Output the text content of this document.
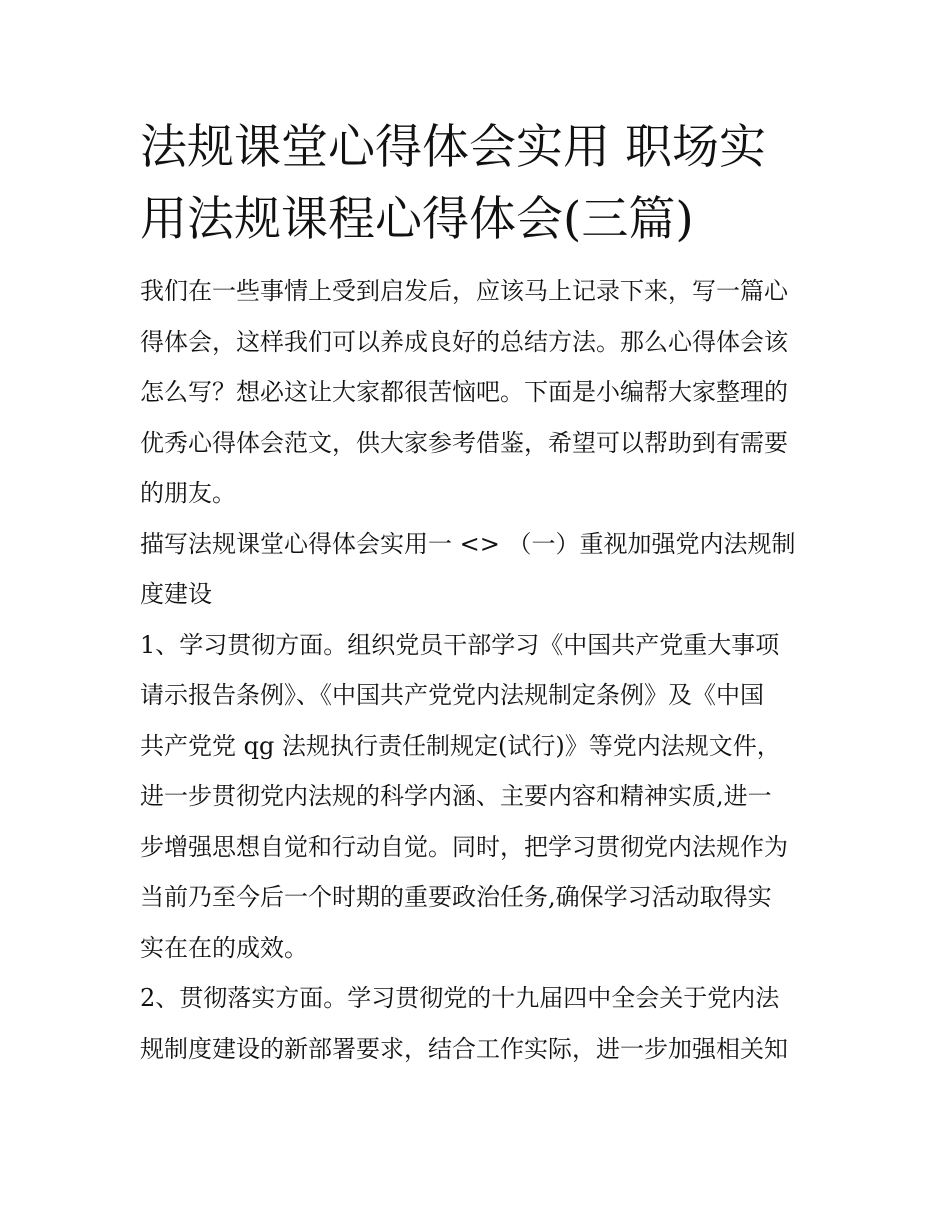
法规课堂心得体会实用 职场实
用法规课程心得体会(三篇)
我们在一些事情上受到启发后，应该马上记录下来，写一篇心
得体会，这样我们可以养成良好的总结方法。那么心得体会该
怎么写？想必这让大家都很苦恼吧。下面是小编帮大家整理的
优秀心得体会范文，供大家参考借鉴，希望可以帮助到有需要
的朋友。
描写法规课堂心得体会实用一 <> （一）重视加强党内法规制
度建设
1、学习贯彻方面。组织党员干部学习《中国共产党重大事项
请示报告条例》、《中国共产党党内法规制定条例》及《中国
共产党党 qg 法规执行责任制规定(试行)》等党内法规文件，
进一步贯彻党内法规的科学内涵、主要内容和精神实质,进一
步增强思想自觉和行动自觉。同时，把学习贯彻党内法规作为
当前乃至今后一个时期的重要政治任务,确保学习活动取得实
实在在的成效。
2、贯彻落实方面。学习贯彻党的十九届四中全会关于党内法
规制度建设的新部署要求，结合工作实际，进一步加强相关知
